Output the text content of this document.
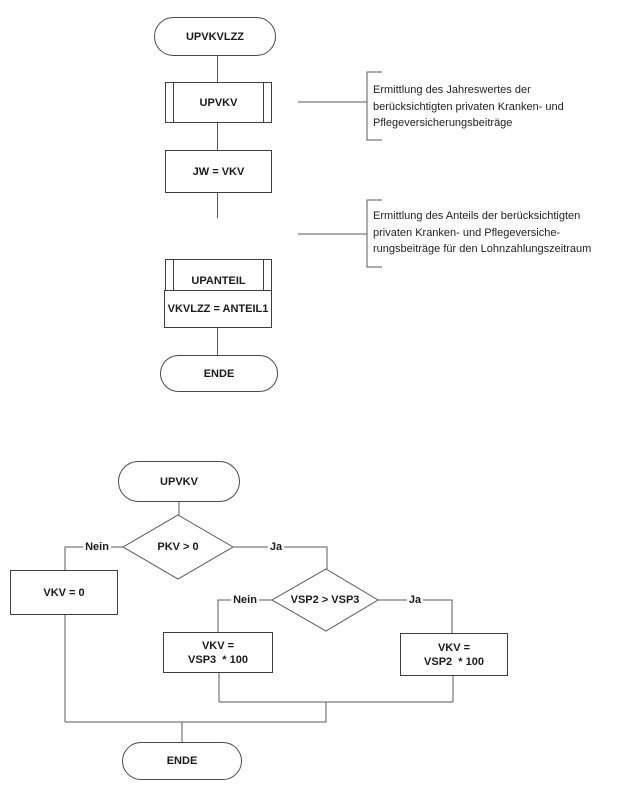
UPVKVLZZ
UPVKV
JW = VKV
UPANTEIL
VKVLZZ = ANTEIL1
ENDE
Ermittlung des Jahreswertes der
berücksichtigten privaten Kranken- und
Pflegeversicherungsbeiträge
Ermittlung des Anteils der berücksichtigten
privaten Kranken- und Pflegeversiche-
rungsbeiträge für den Lohnzahlungszeitraum
UPVKV
PKV > 0
Nein	Ja
VKV = 0
VSP2 > VSP3
Nein	Ja
VKV =
VSP3  * 100
VKV =
VSP2  * 100
ENDE
